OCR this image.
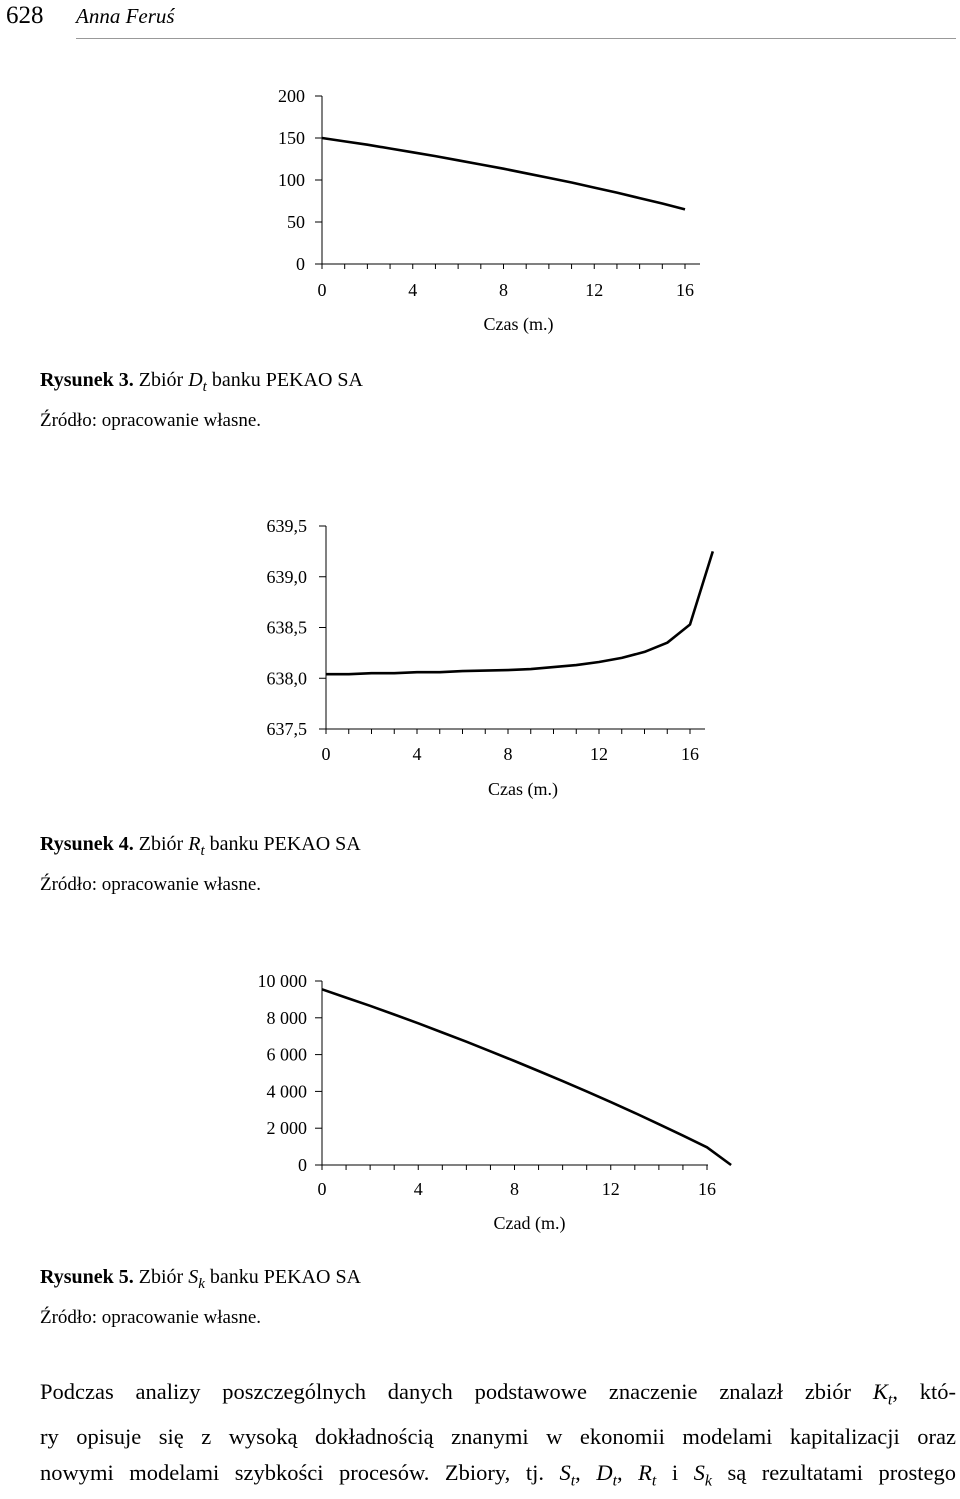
628 Anna Feruś
0
50
100
150
200
0	4	8	12	16
Czas (m.)
Rysunek 3. Zbiór $D_t$ banku PEKAO SA
Źródło: opracowanie własne.
637,5
638,0
638,5
639,0
639,5
0	4	8	12	16
Czas (m.)
Rysunek 4. Zbiór $R_t$ banku PEKAO SA
Źródło: opracowanie własne.
0
2 000
4 000
6 000
8 000
10 000
0	4	8	12	16
Czad (m.)
Rysunek 5. Zbiór $S_k$ banku PEKAO SA
Źródło: opracowanie własne.
Podczas analizy poszczególnych danych podstawowe znaczenie znalazł zbiór $K_t$, któ-
ry opisuje się z wysoką dokładnością znanymi w ekonomii modelami kapitalizacji oraz
nowymi modelami szybkości procesów. Zbiory, tj. $S_t$, $D_t$, $R_t$ i $S_k$ są rezultatami prostego
